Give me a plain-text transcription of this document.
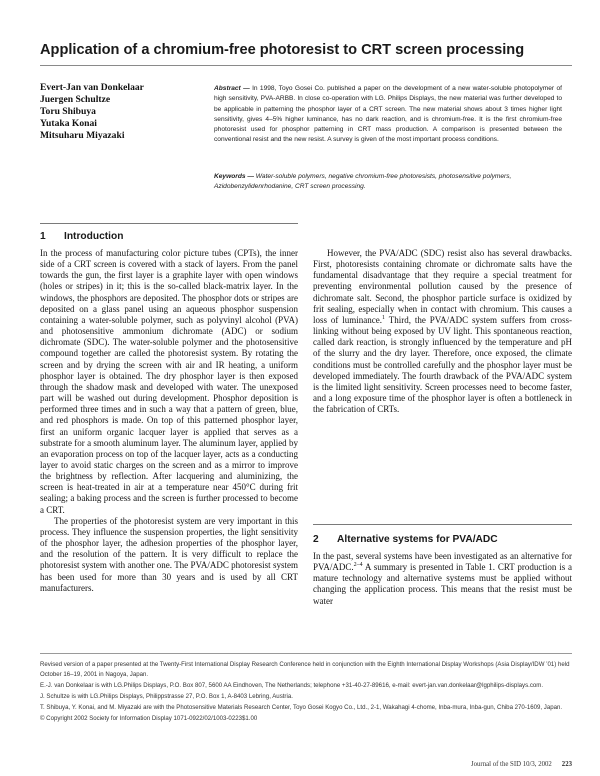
Application of a chromium-free photoresist to CRT screen processing
Evert-Jan van Donkelaar
Juergen Schultze
Toru Shibuya
Yutaka Konai
Mitsuharu Miyazaki
Abstract — In 1998, Toyo Gosei Co. published a paper on the development of a new water-soluble photopolymer of high sensitivity, PVA-ARBB. In close co-operation with LG. Philips Displays, the new material was further developed to be applicable in patterning the phosphor layer of a CRT screen. The new material shows about 3 times higher light sensitivity, gives 4–5% higher luminance, has no dark reaction, and is chromium-free. It is the first chromium-free photoresist used for phosphor patterning in CRT mass production. A comparison is presented between the conventional resist and the new resist. A survey is given of the most important process conditions.
Keywords — Water-soluble polymers, negative chromium-free photoresists, photosensitive polymers, Azidobenzylidenrhodanine, CRT screen processing.
1 Introduction

In the process of manufacturing color picture tubes (CPTs), the inner side of a CRT screen is covered with a stack of layers. From the panel towards the gun, the first layer is a graphite layer with open windows (holes or stripes) in it; this is the so-called black-matrix layer. In the windows, the phosphors are deposited. The phosphor dots or stripes are deposited on a glass panel using an aqueous phosphor suspension containing a water-soluble polymer, such as polyvinyl alcohol (PVA) and photosensitive ammonium dichromate (ADC) or sodium dichromate (SDC). The water-soluble polymer and the photosensitive compound together are called the photoresist system. By rotating the screen and by drying the screen with air and IR heating, a uniform phosphor layer is obtained. The dry phosphor layer is then exposed through the shadow mask and developed with water. The unexposed part will be washed out during development. Phosphor deposition is performed three times and in such a way that a pattern of green, blue, and red phosphors is made. On top of this patterned phosphor layer, first an uniform organic lacquer layer is applied that serves as a substrate for a smooth aluminum layer. The aluminum layer, applied by an evaporation process on top of the lacquer layer, acts as a conducting layer to avoid static charges on the screen and as a mirror to improve the brightness by reflection. After lacquering and aluminizing, the screen is heat-treated in air at a temperature near 450°C during frit sealing; a baking process and the screen is further processed to become a CRT.

The properties of the photoresist system are very important in this process. They influence the suspension properties, the light sensitivity of the phosphor layer, the adhesion properties of the phosphor layer, and the resolution of the pattern. It is very difficult to replace the photoresist system with another one. The PVA/ADC photoresist system has been used for more than 30 years and is used by all CRT manufacturers.

However, the PVA/ADC (SDC) resist also has several drawbacks. First, photoresists containing chromate or dichromate salts have the fundamental disadvantage that they require a special treatment for preventing environmental pollution caused by the presence of dichromate salt. Second, the phosphor particle surface is oxidized by frit sealing, especially when in contact with chromium. This causes a loss of luminance.$^1$ Third, the PVA/ADC system suffers from cross-linking without being exposed by UV light. This spontaneous reaction, called dark reaction, is strongly influenced by the temperature and pH of the slurry and the dry layer. Therefore, once exposed, the climate conditions must be controlled carefully and the phosphor layer must be developed immediately. The fourth drawback of the PVA/ADC system is the limited light sensitivity. Screen processes need to become faster, and a long exposure time of the phosphor layer is often a bottleneck in the fabrication of CRTs.

2 Alternative systems for PVA/ADC

In the past, several systems have been investigated as an alternative for PVA/ADC.$^{2-4}$ A summary is presented in Table 1. CRT production is a mature technology and alternative systems must be applied without changing the application process. This means that the resist must be water

Revised version of a paper presented at the Twenty-First International Display Research Conference held in conjunction with the Eighth International Display Workshops (Asia Display/IDW ’01) held October 16–19, 2001 in Nagoya, Japan.

E.-J. van Donkelaar is with LG.Philips Displays, P.O. Box 807, 5600 AA Eindhoven, The Netherlands; telephone +31-40-27-89616, e-mail: evert-jan.van.donkelaar@lgphilips-displays.com.

J. Schultze is with LG.Philips Displays, Philippstrasse 27, P.O. Box 1, A-8403 Lebring, Austria.

T. Shibuya, Y. Konai, and M. Miyazaki are with the Photosensitive Materials Research Center, Toyo Gosei Kogyo Co., Ltd., 2-1, Wakahagi 4-chome, Inba-mura, Inba-gun, Chiba 270-1609, Japan.

© Copyright 2002 Society for Information Display 1071-0922/02/1003-0223$1.00

Journal of the SID 10/3, 2002 223
